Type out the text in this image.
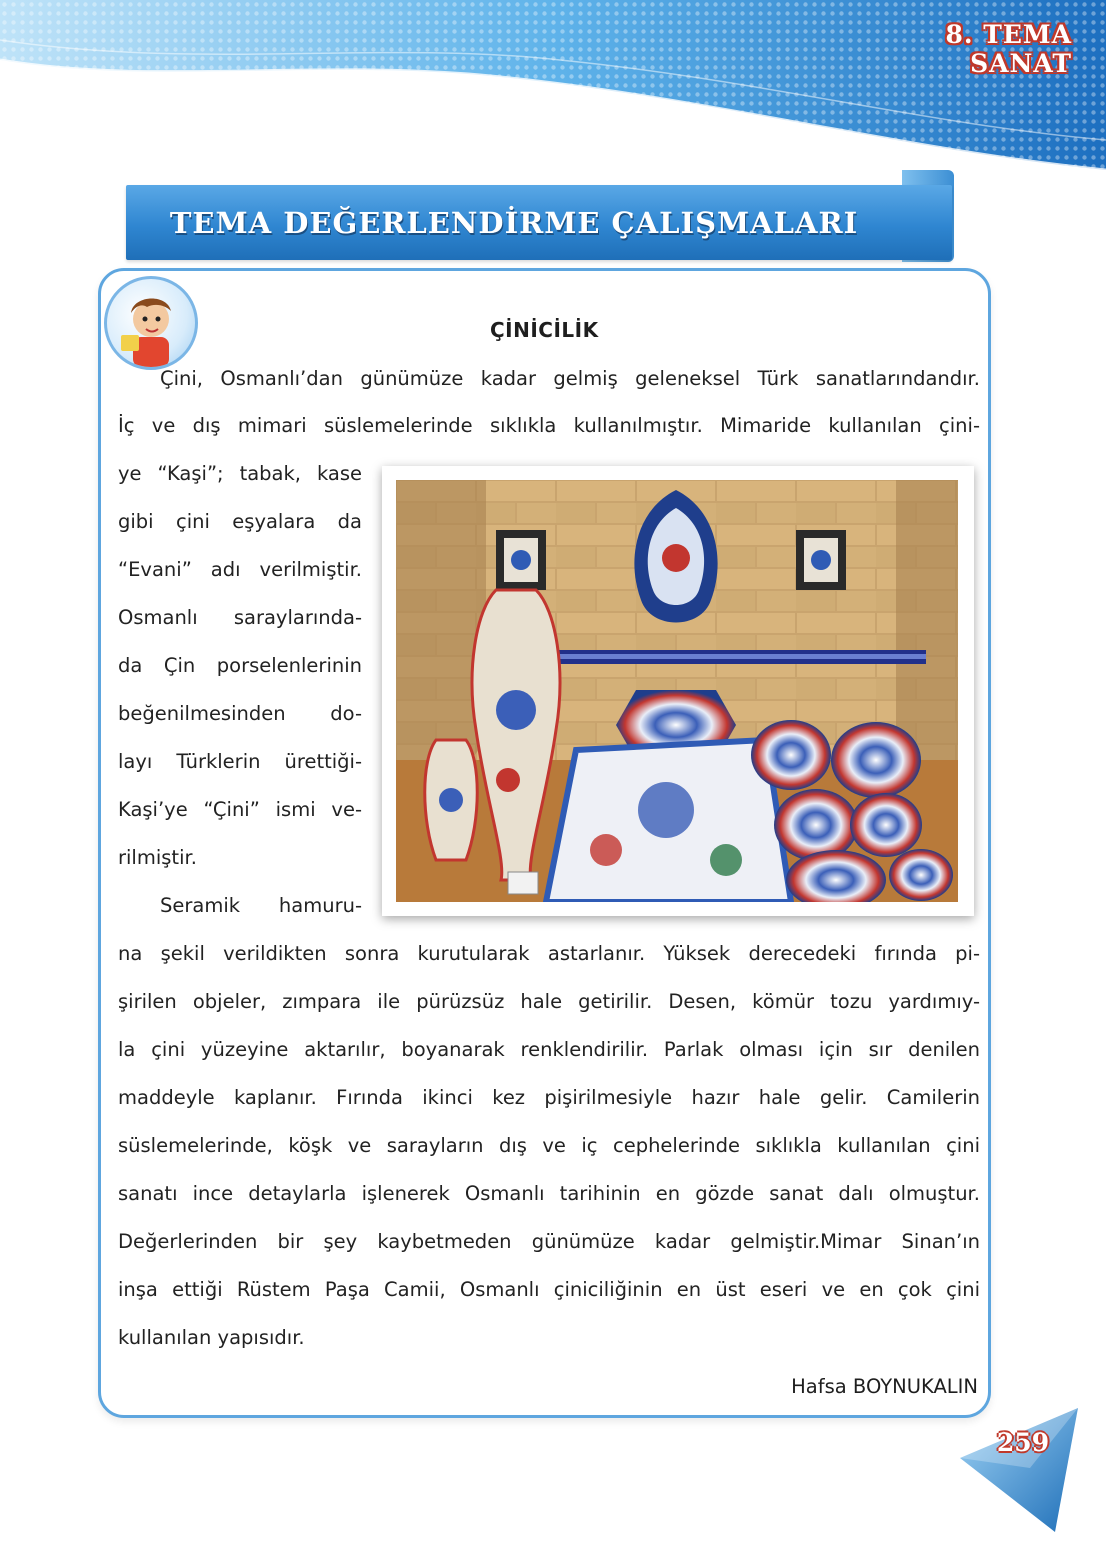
8. TEMA
SANAT
TEMA DEĞERLENDİRME ÇALIŞMALARI
ÇİNİCİLİK
Çini, Osmanlı’dan günümüze kadar gelmiş geleneksel Türk sanatlarındandır.
İç ve dış mimari süslemelerinde sıklıkla kullanılmıştır. Mimaride kullanılan çini-
ye “Kaşi”; tabak, kase
gibi çini eşyalara da
“Evani” adı verilmiştir.
Osmanlı saraylarında-
da Çin porselenlerinin
beğenilmesinden do-
layı Türklerin ürettiği-
Kaşi’ye “Çini” ismi ve-
rilmiştir.
Seramik hamuru-
na şekil verildikten sonra kurutularak astarlanır. Yüksek derecedeki fırında pi-
şirilen objeler, zımpara ile pürüzsüz hale getirilir. Desen, kömür tozu yardımıy-
la çini yüzeyine aktarılır, boyanarak renklendirilir. Parlak olması için sır denilen
maddeyle kaplanır. Fırında ikinci kez pişirilmesiyle hazır hale gelir. Camilerin
süslemelerinde, köşk ve sarayların dış ve iç cephelerinde sıklıkla kullanılan çini
sanatı ince detaylarla işlenerek Osmanlı tarihinin en gözde sanat dalı olmuştur.
Değerlerinden bir şey kaybetmeden günümüze kadar gelmiştir.Mimar Sinan’ın
inşa ettiği Rüstem Paşa Camii, Osmanlı çiniciliğinin en üst eseri ve en çok çini
kullanılan yapısıdır.
Hafsa BOYNUKALIN
259
